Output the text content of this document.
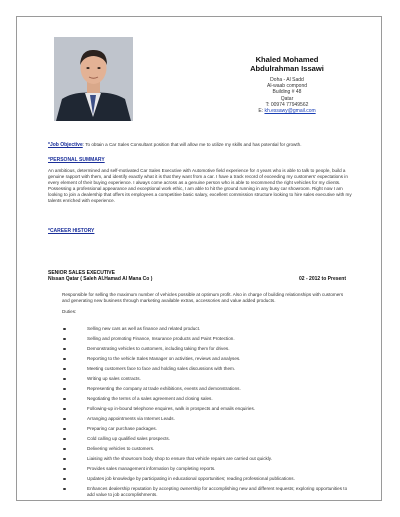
Khaled Mohamed
Abdulrahman Issawi
Doha - Al Sadd
Al-waab compond
Building # 48
Qatar
T: 00974 77949562
E: kh.essawy@gmail.com
*Job Objective: To obtain a Car Sales Consultant position that will allow me to utilize my skills and has potential for growth.
*PERSONAL SUMMARY
An ambitious, determined and self-motivated Car Sales Executive with Automotive field experience for 4 years who is able to talk to people, build a genuine rapport with them, and identify exactly what it is that they want from a car. I have a track record of exceeding my customers' expectations in every element of their buying experience. I always come across as a genuine person who is able to recommend the right vehicles for my clients. Possessing a professional appearance and exceptional work ethic, I am able to hit the ground running in any busy car showroom. Right now I am looking to join a dealership that offers its employees a competitive basic salary, excellent commission structure looking to hire sales executive with my talents enriched with experience.
*CAREER HISTORY
SENIOR SALES EXECUTIVE
Nissan Qatar ( Saleh Al.Hamad Al Mana Co )	02 - 2012 to Present
Responsible for selling the maximum number of vehicles possible at optimum profit. Also in charge of building relationships with customers and generating new business through marketing available extras, accessories and value added products.
Duties:
Selling new cars as well as finance and related product.
Selling and promoting Finance, Insurance products and Paint Protection.
Demonstrating vehicles to customers, including taking them for drives.
Reporting to the vehicle Sales Manager on activities, reviews and analyses.
Meeting customers face to face and holding sales discussions with them.
Writing up sales contracts.
Representing the company at trade exhibitions, events and demonstrations.
Negotiating the terms of a sales agreement and closing sales.
Following-up in-bound telephone enquires, walk in prospects and emails enquiries.
Arranging appointments via Internet Leads.
Preparing car purchase packages.
Cold calling up qualified sales prospects.
Delivering vehicles to customers.
Liaising with the showroom body shop to ensure that vehicle repairs are carried out quickly.
Provides sales management information by completing reports.
Updates job knowledge by participating in educational opportunities; reading professional publications.
Enhances dealership reputation by accepting ownership for accomplishing new and different requests; exploring opportunities to add value to job accomplishments.
